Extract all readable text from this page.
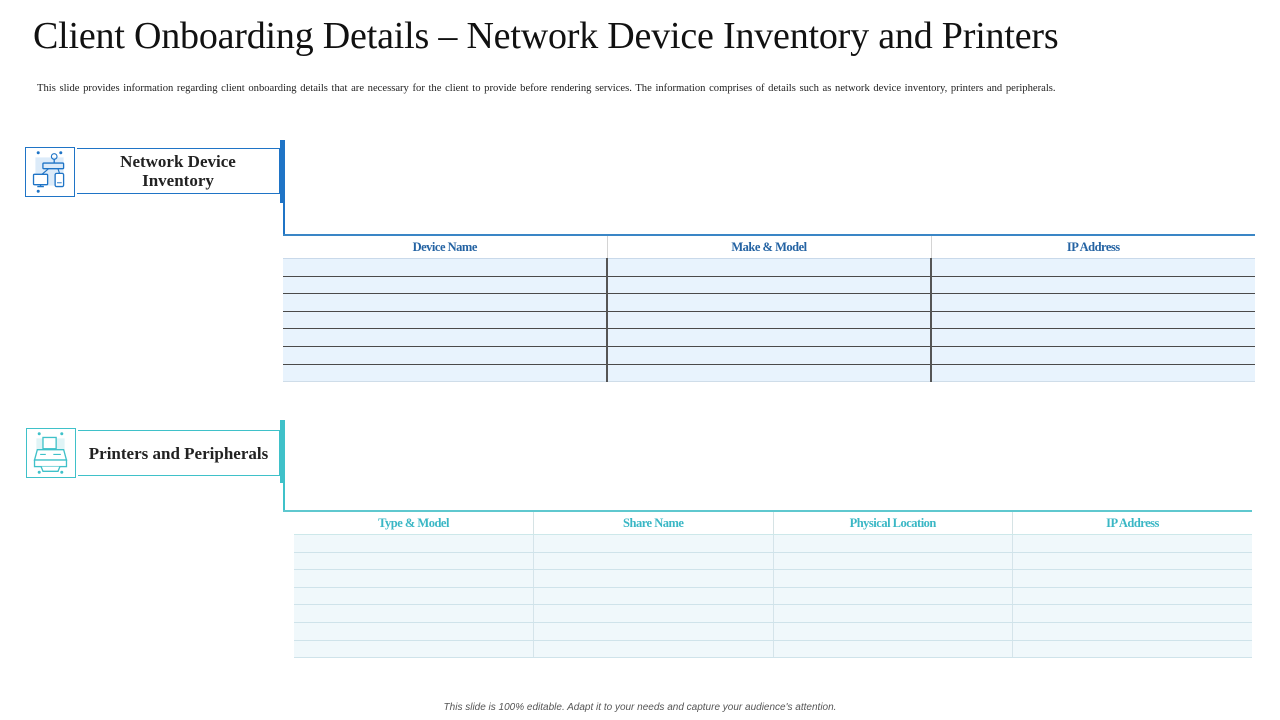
Client Onboarding Details – Network Device Inventory and Printers

This slide provides information regarding client onboarding details that are necessary for the client to provide before rendering services. The information comprises of details such as network device inventory, printers and peripherals.

Network Device Inventory
Device Name	Make & Model	IP Address

Printers and Peripherals
Type & Model	Share Name	Physical Location	IP Address

This slide is 100% editable. Adapt it to your needs and capture your audience's attention.
